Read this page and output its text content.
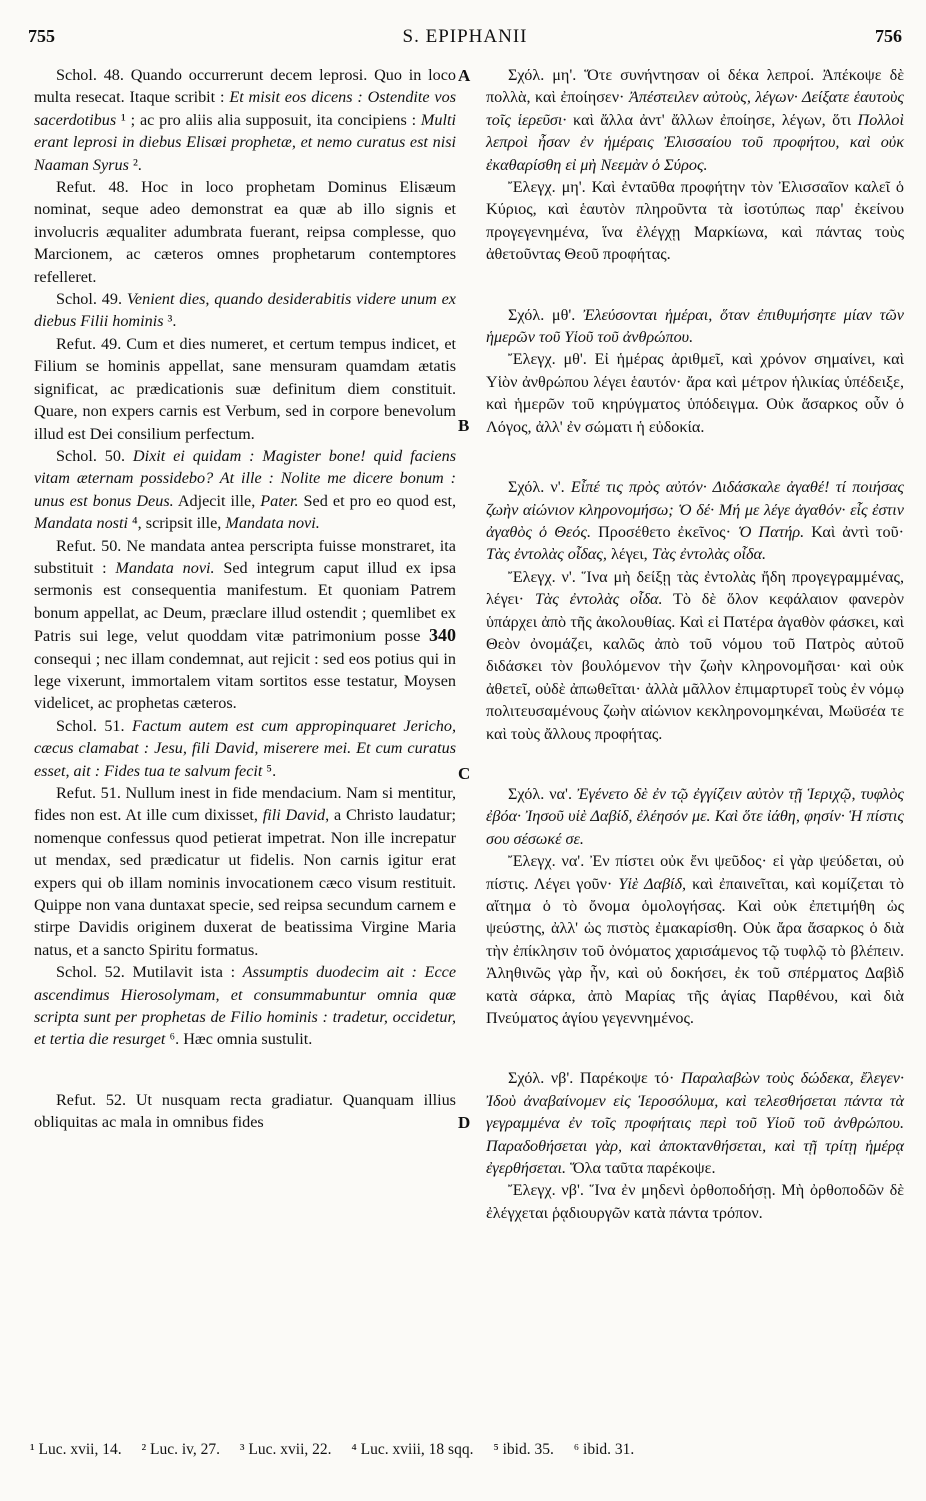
755	S. EPIPHANII	756

Schol. 48. Quando occurrerunt decem leprosi. Quo in loco multa resecat. Itaque scribit : Et misit eos dicens : Ostendite vos sacerdotibus ¹ ; ac pro aliis alia supposuit, ita concipiens : Multi erant leprosi in diebus Elisæi prophetæ, et nemo curatus est nisi Naaman Syrus ².

Refut. 48. Hoc in loco prophetam Dominus Elisæum nominat, seque adeo demonstrat ea quæ ab illo signis et involucris æqualiter adumbrata fuerant, reipsa complesse, quo Marcionem, ac cæteros omnes prophetarum contemptores refelleret.

Schol. 49. Venient dies, quando desiderabitis videre unum ex diebus Filii hominis ³.

Refut. 49. Cum et dies numeret, et certum tempus indicet, et Filium se hominis appellat, sane mensuram quamdam ætatis significat, ac prædicationis suæ definitum diem constituit. Quare, non expers carnis est Verbum, sed in corpore benevolum illud est Dei consilium perfectum.

Schol. 50. Dixit ei quidam : Magister bone! quid faciens vitam æternam possidebo? At ille : Nolite me dicere bonum : unus est bonus Deus. Adjecit ille, Pater. Sed et pro eo quod est, Mandata nosti ⁴, scripsit ille, Mandata novi.

Refut. 50. Ne mandata antea perscripta fuisse monstraret, ita substituit : Mandata novi. Sed integrum caput illud ex ipsa sermonis est consequentia manifestum. Et quoniam Patrem bonum appellat, ac Deum, præclare illud ostendit ; quemlibet ex Patris sui lege, velut quoddam vitæ patrimonium posse 340 consequi ; nec illam condemnat, aut rejicit : sed eos potius qui in lege vixerunt, immortalem vitam sortitos esse testatur, Moysen videlicet, ac prophetas cæteros.

Schol. 51. Factum autem est cum appropinquaret Jericho, cæcus clamabat : Jesu, fili David, miserere mei. Et cum curatus esset, ait : Fides tua te salvum fecit ⁵.

Refut. 51. Nullum inest in fide mendacium. Nam si mentitur, fides non est. At ille cum dixisset, fili David, a Christo laudatur; nomenque confessus quod petierat impetrat. Non ille increpatur ut mendax, sed prædicatur ut fidelis. Non carnis igitur erat expers qui ob illam nominis invocationem cæco visum restituit. Quippe non vana duntaxat specie, sed reipsa secundum carnem e stirpe Davidis originem duxerat de beatissima Virgine Maria natus, et a sancto Spiritu formatus.

Schol. 52. Mutilavit ista : Assumptis duodecim ait : Ecce ascendimus Hierosolymam, et consummabuntur omnia quæ scripta sunt per prophetas de Filio hominis : tradetur, occidetur, et tertia die resurget ⁶. Hæc omnia sustulit.

Refut. 52. Ut nusquam recta gradiatur. Quanquam illius obliquitas ac mala in omnibus fides

Σχόλ. μη'. Ὅτε συνήντησαν οἱ δέκα λεπροί. Ἀπέκοψε δὲ πολλὰ, καὶ ἐποίησεν· Ἀπέστειλεν αὐτοὺς, λέγων· Δείξατε ἑαυτοὺς τοῖς ἱερεῦσι· καὶ ἄλλα ἀντ' ἄλλων ἐποίησε, λέγων, ὅτι Πολλοὶ λεπροὶ ἦσαν ἐν ἡμέραις Ἐλισσαίου τοῦ προφήτου, καὶ οὐκ ἐκαθαρίσθη εἰ μὴ Νεεμὰν ὁ Σύρος.

Ἔλεγχ. μη'. Καὶ ἐνταῦθα προφήτην τὸν Ἐλισσαῖον καλεῖ ὁ Κύριος, καὶ ἑαυτὸν πληροῦντα τὰ ἰσοτύπως παρ' ἐκείνου προγεγενημένα, ἵνα ἐλέγχῃ Μαρκίωνα, καὶ πάντας τοὺς ἀθετοῦντας Θεοῦ προφήτας.

Σχόλ. μθ'. Ἐλεύσονται ἡμέραι, ὅταν ἐπιθυμήσητε μίαν τῶν ἡμερῶν τοῦ Υἱοῦ τοῦ ἀνθρώπου.

Ἔλεγχ. μθ'. Εἰ ἡμέρας ἀριθμεῖ, καὶ χρόνον σημαίνει, καὶ Υἱὸν ἀνθρώπου λέγει ἑαυτόν· ἄρα καὶ μέτρον ἡλικίας ὑπέδειξε, καὶ ἡμερῶν τοῦ κηρύγματος ὑπόδειγμα. Οὐκ ἄσαρκος οὖν ὁ Λόγος, ἀλλ' ἐν σώματι ἡ εὐδοκία.

Σχόλ. ν'. Εἶπέ τις πρὸς αὐτόν· Διδάσκαλε ἀγαθέ! τί ποιήσας ζωὴν αἰώνιον κληρονομήσω; Ὁ δέ· Μή με λέγε ἀγαθόν· εἷς ἐστιν ἀγαθὸς ὁ Θεός. Προσέθετο ἐκεῖνος· Ὁ Πατήρ. Καὶ ἀντὶ τοῦ· Τὰς ἐντολὰς οἶδας, λέγει, Τὰς ἐντολὰς οἶδα.

Ἔλεγχ. ν'. Ἵνα μὴ δείξῃ τὰς ἐντολὰς ἤδη προγεγραμμένας, λέγει· Τὰς ἐντολὰς οἶδα. Τὸ δὲ ὅλον κεφάλαιον φανερὸν ὑπάρχει ἀπὸ τῆς ἀκολουθίας. Καὶ εἰ Πατέρα ἀγαθὸν φάσκει, καὶ Θεὸν ὀνομάζει, καλῶς ἀπὸ τοῦ νόμου τοῦ Πατρὸς αὐτοῦ διδάσκει τὸν βουλόμενον τὴν ζωὴν κληρονομῆσαι· καὶ οὐκ ἀθετεῖ, οὐδὲ ἀπωθεῖται· ἀλλὰ μᾶλλον ἐπιμαρτυρεῖ τοὺς ἐν νόμῳ πολιτευσαμένους ζωὴν αἰώνιον κεκληρονομηκέναι, Μωϋσέα τε καὶ τοὺς ἄλλους προφήτας.

Σχόλ. να'. Ἐγένετο δὲ ἐν τῷ ἐγγίζειν αὐτὸν τῇ Ἱεριχῷ, τυφλὸς ἐβόα· Ἰησοῦ υἱὲ Δαβίδ, ἐλέησόν με. Καὶ ὅτε ἰάθη, φησίν· Ἡ πίστις σου σέσωκέ σε.

Ἔλεγχ. να'. Ἐν πίστει οὐκ ἔνι ψεῦδος· εἰ γὰρ ψεύδεται, οὐ πίστις. Λέγει γοῦν· Υἱὲ Δαβίδ, καὶ ἐπαινεῖται, καὶ κομίζεται τὸ αἴτημα ὁ τὸ ὄνομα ὁμολογήσας. Καὶ οὐκ ἐπετιμήθη ὡς ψεύστης, ἀλλ' ὡς πιστὸς ἐμακαρίσθη. Οὐκ ἄρα ἄσαρκος ὁ διὰ τὴν ἐπίκλησιν τοῦ ὀνόματος χαρισάμενος τῷ τυφλῷ τὸ βλέπειν. Ἀληθινῶς γὰρ ἦν, καὶ οὐ δοκήσει, ἐκ τοῦ σπέρματος Δαβὶδ κατὰ σάρκα, ἀπὸ Μαρίας τῆς ἁγίας Παρθένου, καὶ διὰ Πνεύματος ἁγίου γεγεννημένος.

Σχόλ. νβ'. Παρέκοψε τό· Παραλαβὼν τοὺς δώδεκα, ἔλεγεν· Ἰδοὺ ἀναβαίνομεν εἰς Ἱεροσόλυμα, καὶ τελεσθήσεται πάντα τὰ γεγραμμένα ἐν τοῖς προφήταις περὶ τοῦ Υἱοῦ τοῦ ἀνθρώπου. Παραδοθήσεται γὰρ, καὶ ἀποκτανθήσεται, καὶ τῇ τρίτῃ ἡμέρᾳ ἐγερθήσεται. Ὅλα ταῦτα παρέκοψε.

Ἔλεγχ. νβ'. Ἵνα ἐν μηδενὶ ὀρθοποδήσῃ. Μὴ ὀρθοποδῶν δὲ ἐλέγχεται ῥᾳδιουργῶν κατὰ πάντα τρόπον.

A
B
C
D
¹ Luc. xvii, 14. ² Luc. iv, 27. ³ Luc. xvii, 22. ⁴ Luc. xviii, 18 sqq. ⁵ ibid. 35. ⁶ ibid. 31.
